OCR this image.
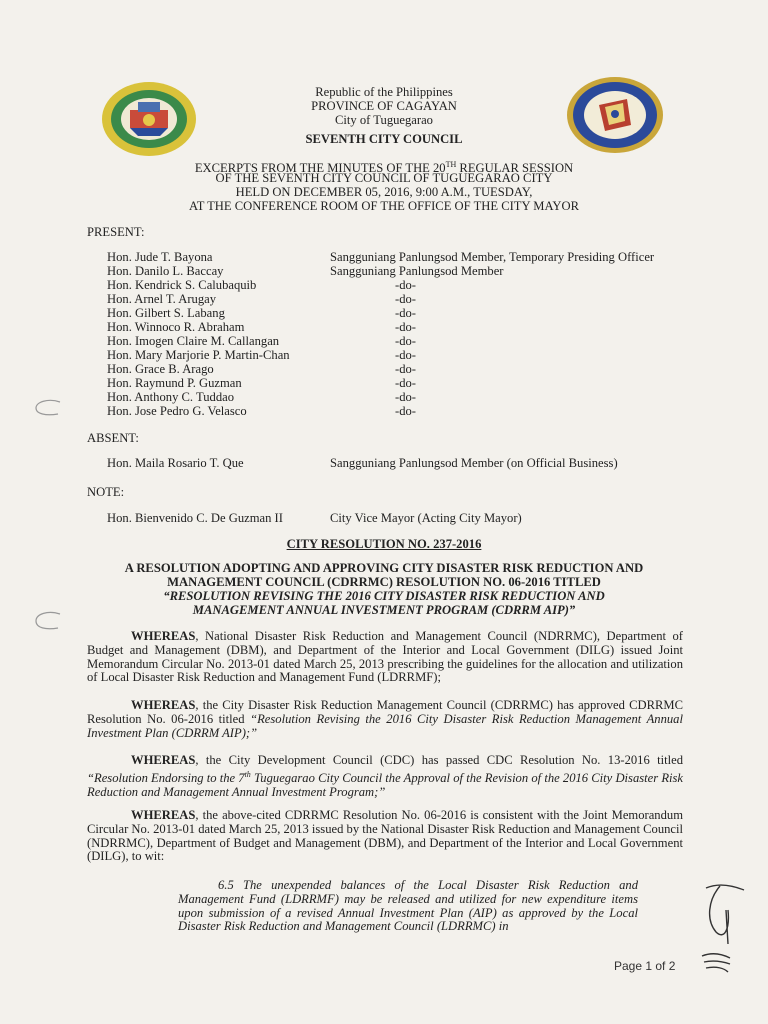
Republic of the Philippines
PROVINCE OF CAGAYAN
City of Tuguegarao
SEVENTH CITY COUNCIL
EXCERPTS FROM THE MINUTES OF THE 20TH REGULAR SESSION
OF THE SEVENTH CITY COUNCIL OF TUGUEGARAO CITY
HELD ON DECEMBER 05, 2016, 9:00 A.M., TUESDAY,
AT THE CONFERENCE ROOM OF THE OFFICE OF THE CITY MAYOR
PRESENT:
Hon. Jude T. Bayona	Sangguniang Panlungsod Member, Temporary Presiding Officer
Hon. Danilo L. Baccay	Sangguniang Panlungsod Member
Hon. Kendrick S. Calubaquib	-do-
Hon. Arnel T. Arugay	-do-
Hon. Gilbert S. Labang	-do-
Hon. Winnoco R. Abraham	-do-
Hon. Imogen Claire M. Callangan	-do-
Hon. Mary Marjorie P. Martin-Chan	-do-
Hon. Grace B. Arago	-do-
Hon. Raymund P. Guzman	-do-
Hon. Anthony C. Tuddao	-do-
Hon. Jose Pedro G. Velasco	-do-
ABSENT:
Hon. Maila Rosario T. Que	Sangguniang Panlungsod Member (on Official Business)
NOTE:
Hon. Bienvenido C. De Guzman II	City Vice Mayor (Acting City Mayor)
CITY RESOLUTION NO. 237-2016
A RESOLUTION ADOPTING AND APPROVING CITY DISASTER RISK REDUCTION AND
MANAGEMENT COUNCIL (CDRRMC) RESOLUTION NO. 06-2016 TITLED
“RESOLUTION REVISING THE 2016 CITY DISASTER RISK REDUCTION AND
MANAGEMENT ANNUAL INVESTMENT PROGRAM (CDRRM AIP)”
WHEREAS, National Disaster Risk Reduction and Management Council (NDRRMC), Department of Budget and Management (DBM), and Department of the Interior and Local Government (DILG) issued Joint Memorandum Circular No. 2013-01 dated March 25, 2013 prescribing the guidelines for the allocation and utilization of Local Disaster Risk Reduction and Management Fund (LDRRMF);
WHEREAS, the City Disaster Risk Reduction Management Council (CDRRMC) has approved CDRRMC Resolution No. 06-2016 titled “Resolution Revising the 2016 City Disaster Risk Reduction Management Annual Investment Plan (CDRRM AIP);”
WHEREAS, the City Development Council (CDC) has passed CDC Resolution No. 13-2016 titled “Resolution Endorsing to the 7th Tuguegarao City Council the Approval of the Revision of the 2016 City Disaster Risk Reduction and Management Annual Investment Program;”
WHEREAS, the above-cited CDRRMC Resolution No. 06-2016 is consistent with the Joint Memorandum Circular No. 2013-01 dated March 25, 2013 issued by the National Disaster Risk Reduction and Management Council (NDRRMC), Department of Budget and Management (DBM), and Department of the Interior and Local Government (DILG), to wit:
6.5 The unexpended balances of the Local Disaster Risk Reduction and Management Fund (LDRRMF) may be released and utilized for new expenditure items upon submission of a revised Annual Investment Plan (AIP) as approved by the Local Disaster Risk Reduction and Management Council (LDRRMC) in
Page 1 of 2
